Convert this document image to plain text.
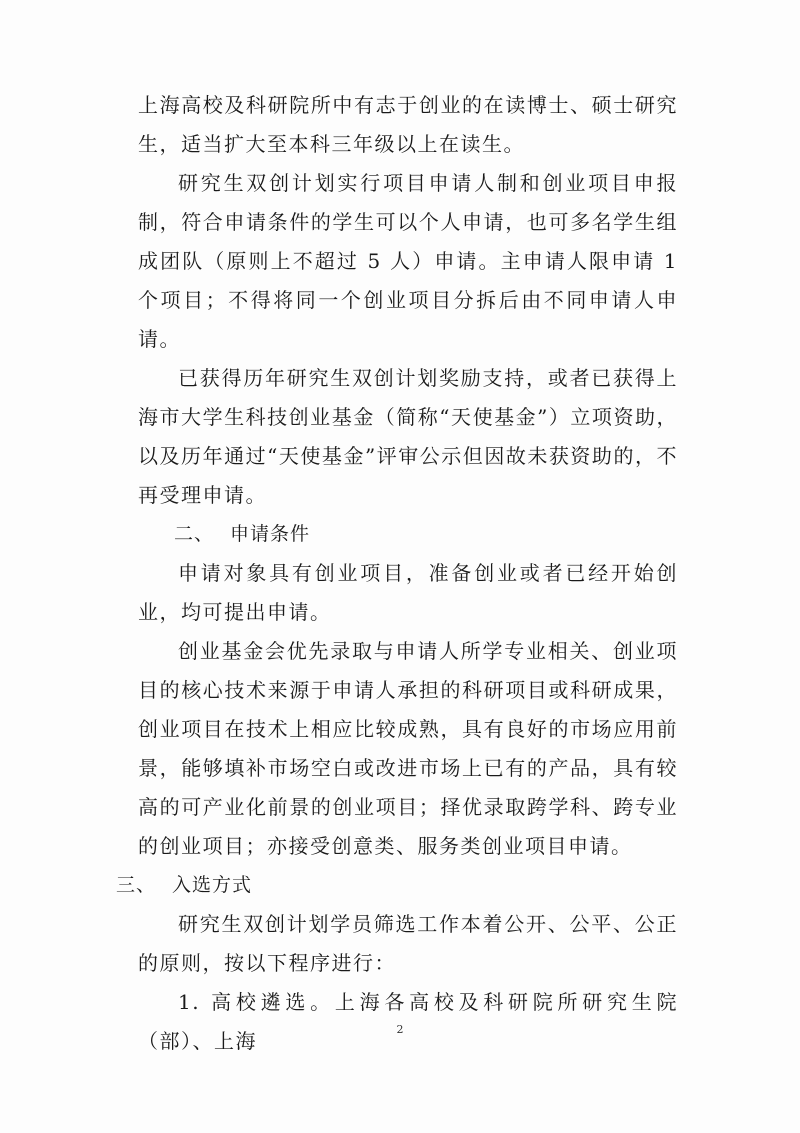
上海高校及科研院所中有志于创业的在读博士、硕士研究生，适当扩大至本科三年级以上在读生。

研究生双创计划实行项目申请人制和创业项目申报制，符合申请条件的学生可以个人申请，也可多名学生组成团队（原则上不超过 5 人）申请。主申请人限申请 1 个项目；不得将同一个创业项目分拆后由不同申请人申请。

已获得历年研究生双创计划奖励支持，或者已获得上海市大学生科技创业基金（简称“天使基金”）立项资助，以及历年通过“天使基金”评审公示但因故未获资助的，不再受理申请。

二、 申请条件

申请对象具有创业项目，准备创业或者已经开始创业，均可提出申请。

创业基金会优先录取与申请人所学专业相关、创业项目的核心技术来源于申请人承担的科研项目或科研成果，创业项目在技术上相应比较成熟，具有良好的市场应用前景，能够填补市场空白或改进市场上已有的产品，具有较高的可产业化前景的创业项目；择优录取跨学科、跨专业的创业项目；亦接受创意类、服务类创业项目申请。

三、 入选方式

研究生双创计划学员筛选工作本着公开、公平、公正的原则，按以下程序进行：

1. 高校遴选。上海各高校及科研院所研究生院（部）、上海	2
